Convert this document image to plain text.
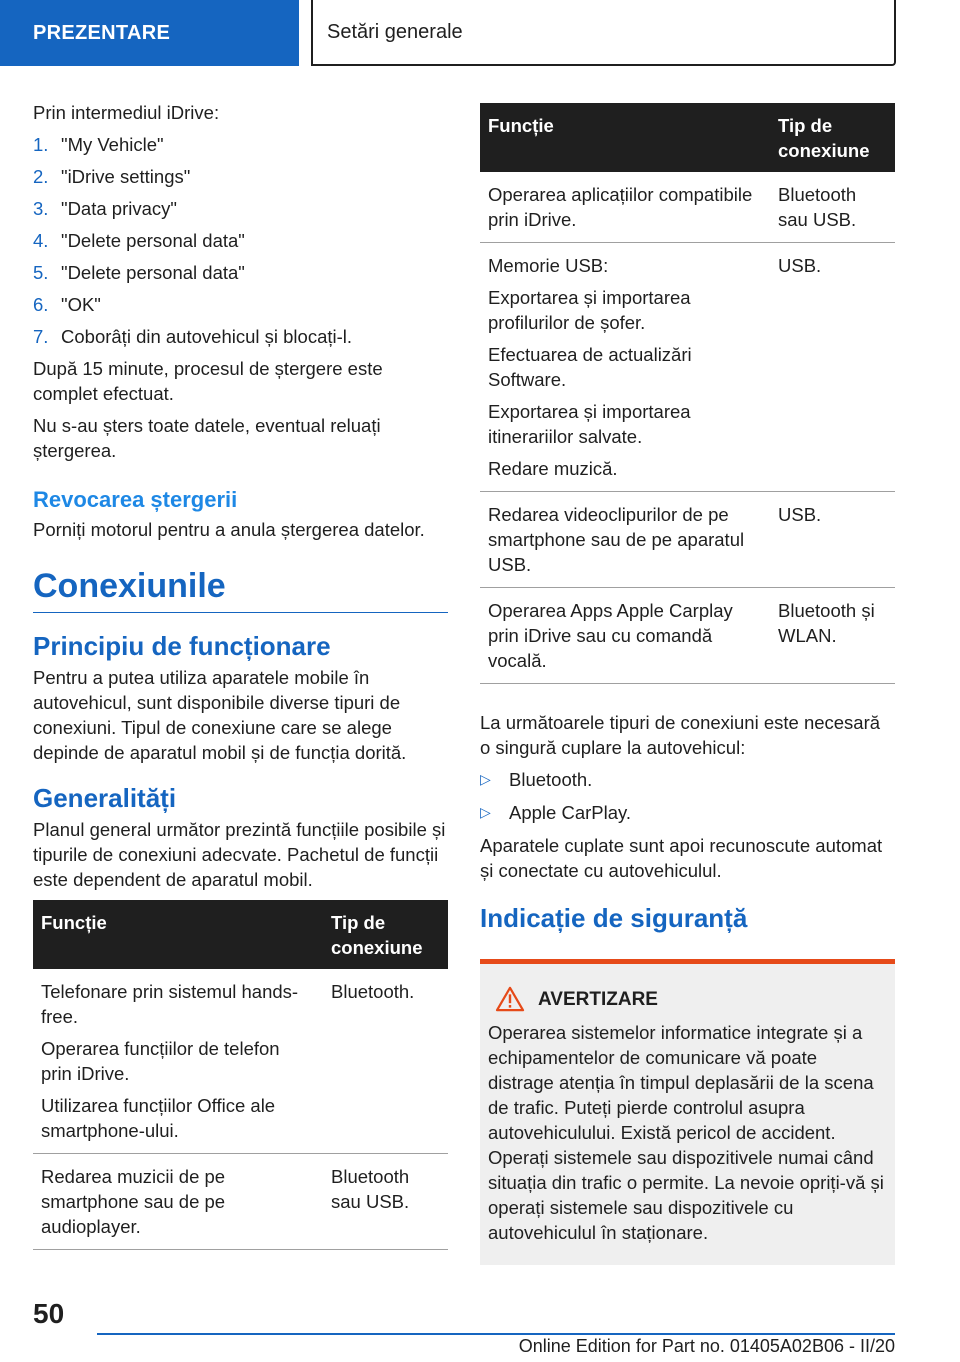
PREZENTARE	Setări generale

Prin intermediul iDrive:

1. "My Vehicle"
2. "iDrive settings"
3. "Data privacy"
4. "Delete personal data"
5. "Delete personal data"
6. "OK"
7. Coborâți din autovehicul și blocați-l.

După 15 minute, procesul de ștergere este complet efectuat.

Nu s-au șters toate datele, eventual reluați ștergerea.

Revocarea ștergerii

Porniți motorul pentru a anula ștergerea datelor.

Conexiunile
Principiu de funcționare

Pentru a putea utiliza aparatele mobile în autovehicul, sunt disponibile diverse tipuri de conexiuni. Tipul de conexiune care se alege depinde de aparatul mobil și de funcția dorită.

Generalități

Planul general următor prezintă funcțiile posibile și tipurile de conexiuni adecvate. Pachetul de funcții este dependent de aparatul mobil.

Funcție	Tip de conexiune

Telefonare prin sistemul hands-free.

Operarea funcțiilor de telefon prin iDrive.

Utilizarea funcțiilor Office ale smartphone-ului.	Bluetooth.

Redarea muzicii de pe smartphone sau de pe audioplayer.	Bluetooth sau USB.
Funcție	Tip de conexiune

Operarea aplicațiilor compatibile prin iDrive.	Bluetooth sau USB.

Memorie USB:

Exportarea și importarea profilurilor de șofer.

Efectuarea de actualizări Software.

Exportarea și importarea itinerariilor salvate.

Redare muzică.	USB.

Redarea videoclipurilor de pe smartphone sau de pe aparatul USB.	USB.

Operarea Apps Apple Carplay prin iDrive sau cu comandă vocală.	Bluetooth și WLAN.

La următoarele tipuri de conexiuni este necesară o singură cuplare la autovehicul:

▷ Bluetooth.
▷ Apple CarPlay.

Aparatele cuplate sunt apoi recunoscute automat și conectate cu autovehiculul.

Indicație de siguranță
AVERTIZARE

Operarea sistemelor informatice integrate și a echipamentelor de comunicare vă poate distrage atenția în timpul deplasării de la scena de trafic. Puteți pierde controlul asupra autovehiculului. Există pericol de accident. Operați sistemele sau dispozitivele numai când situația din trafic o permite. La nevoie opriți-vă și operați sistemele sau dispozitivele cu autovehiculul în staționare.

50
Online Edition for Part no. 01405A02B06 - II/20
